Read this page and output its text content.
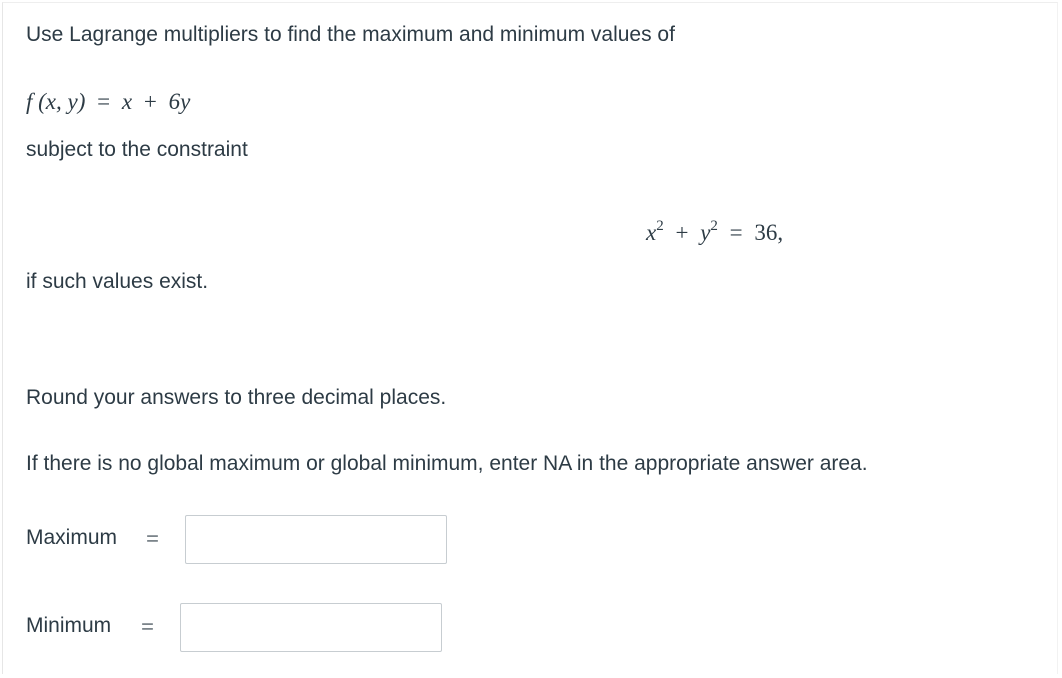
Use Lagrange multipliers to find the maximum and minimum values of
f (x, y) = x + 6y
subject to the constraint
$x^2 + y^2 = 36$,
if such values exist.
Round your answers to three decimal places.
If there is no global maximum or global minimum, enter NA in the appropriate answer area.
Maximum =
Minimum =
